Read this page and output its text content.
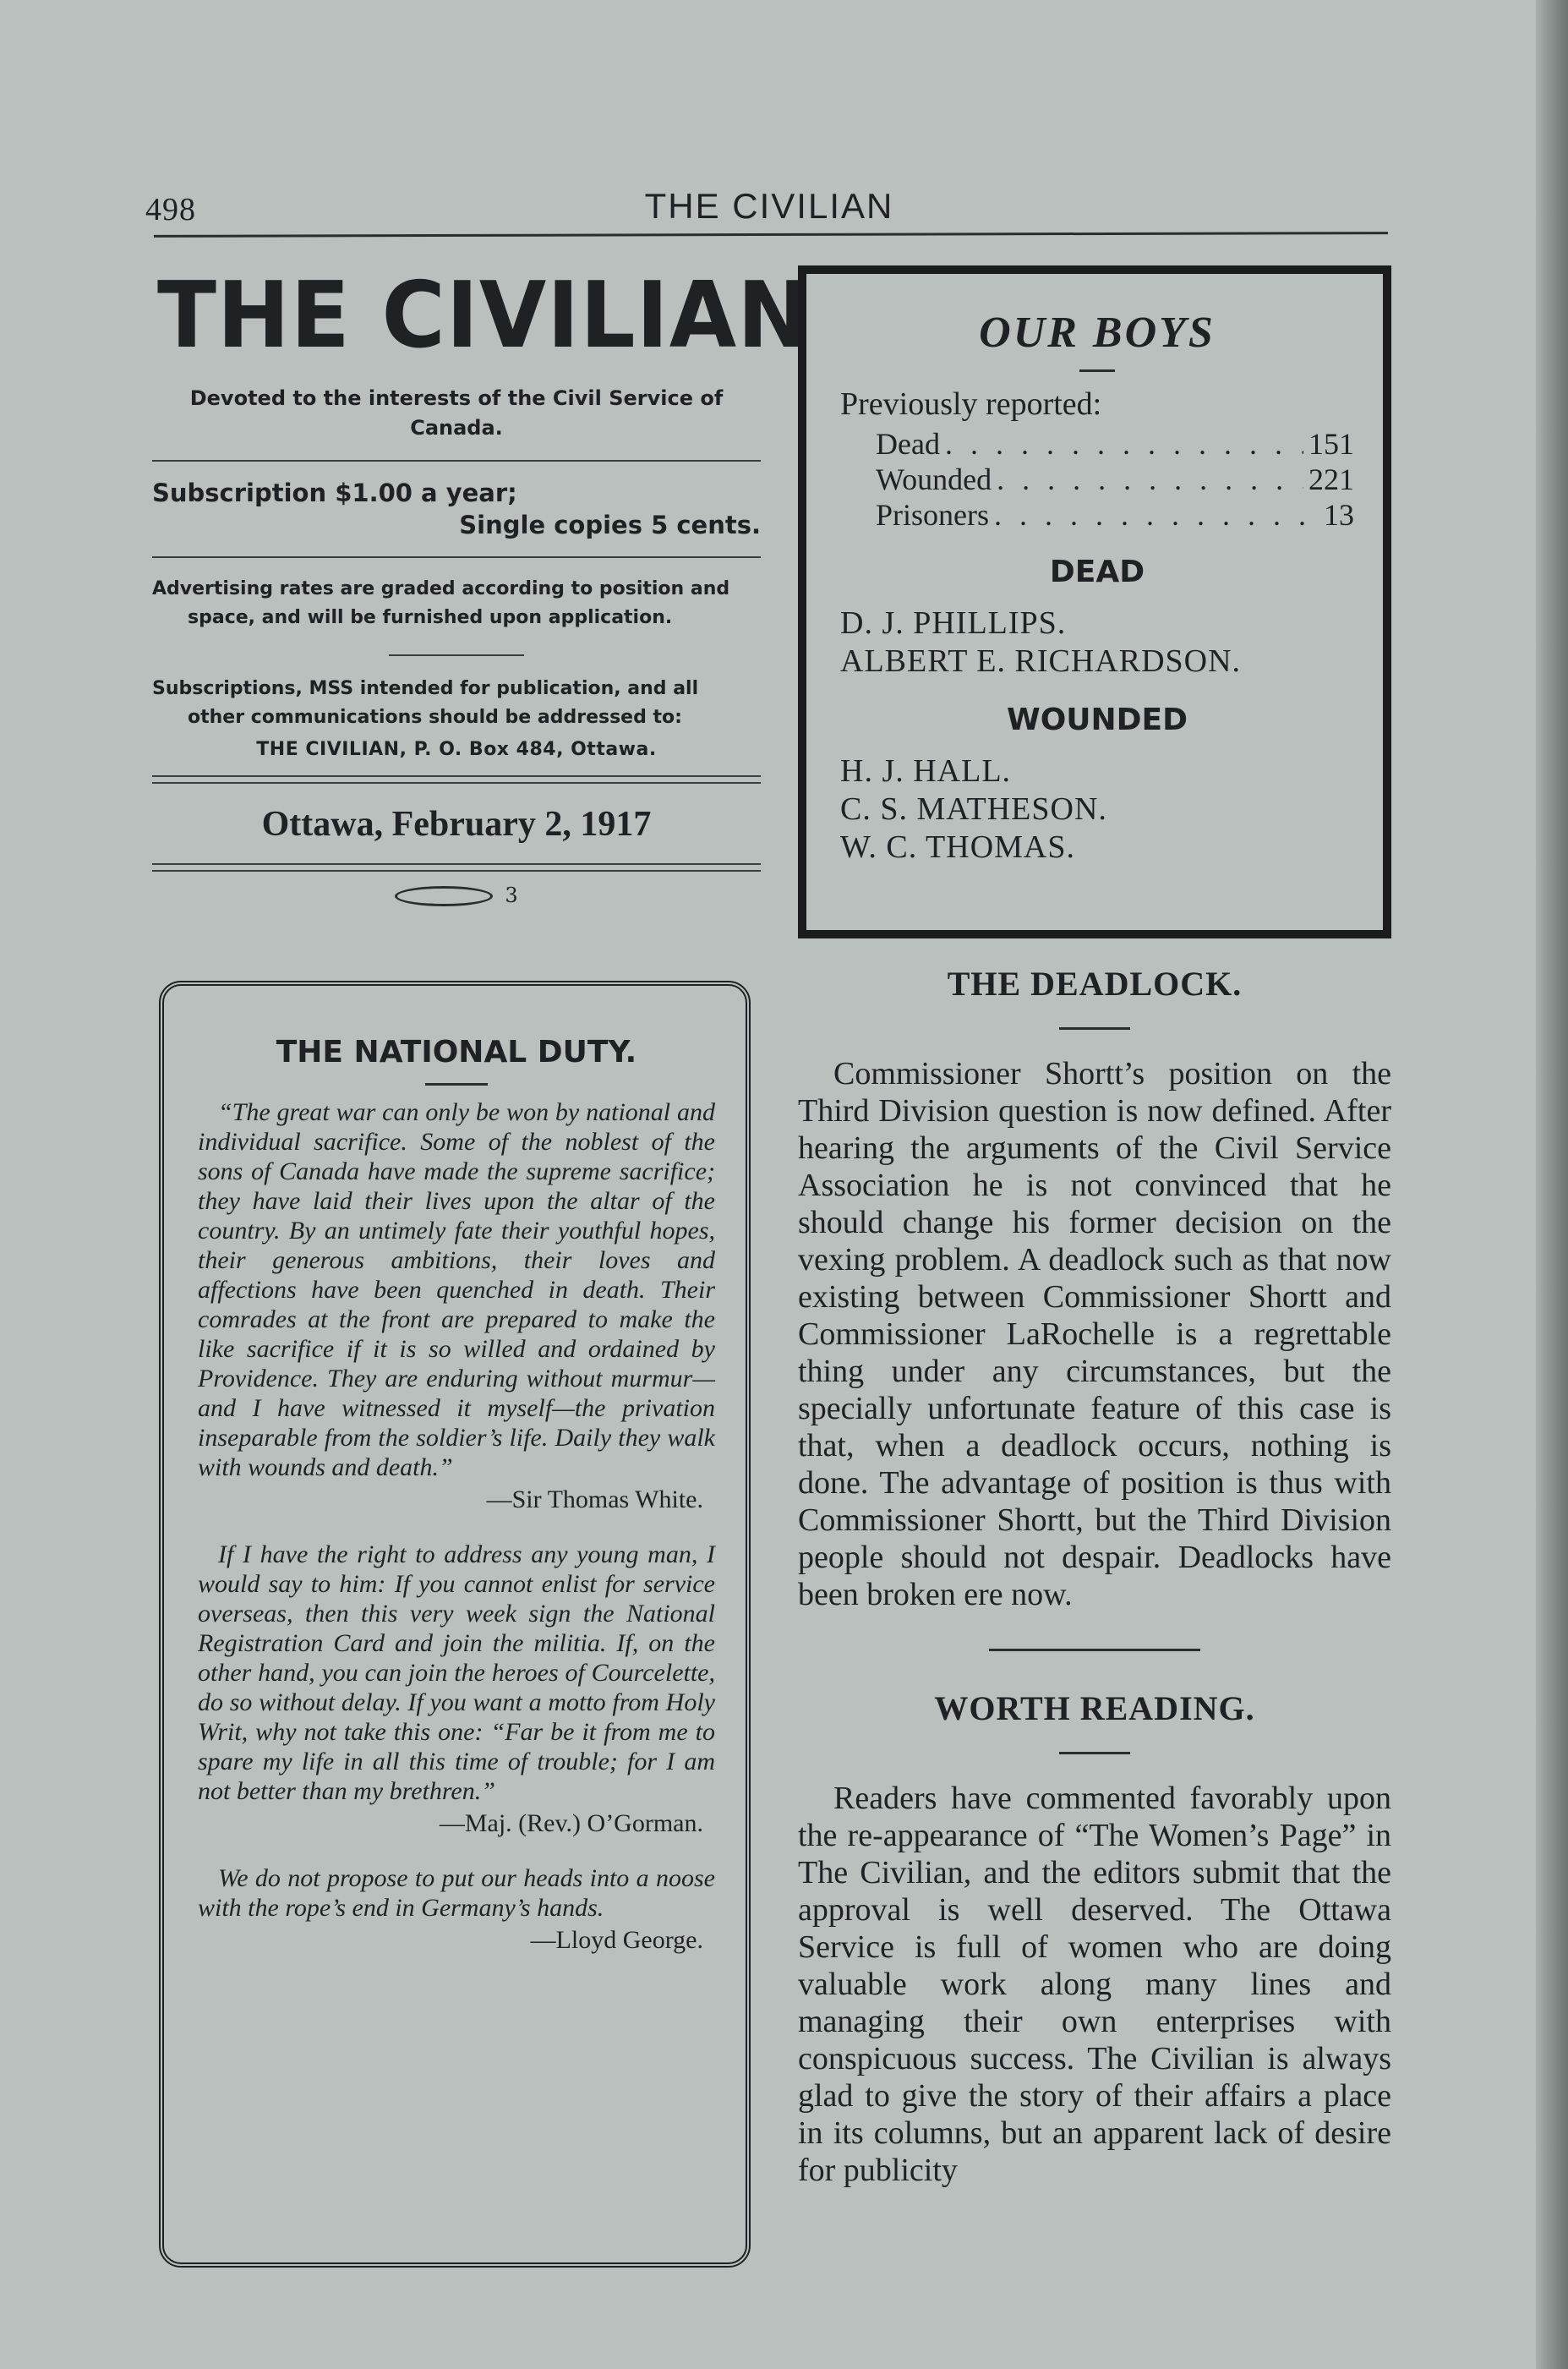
498	THE CIVILIAN
THE CIVILIAN

Devoted to the interests of the Civil Service of Canada.

Subscription $1.00 a year;

Single copies 5 cents.

Advertising rates are graded according to position and space, and will be furnished upon application.

Subscriptions, MSS intended for publication, and all other communications should be addressed to:

THE CIVILIAN, P. O. Box 484, Ottawa.

Ottawa, February 2, 1917

3
THE NATIONAL DUTY.

“The great war can only be won by national and individual sacrifice. Some of the noblest of the sons of Canada have made the supreme sacrifice; they have laid their lives upon the altar of the country. By an untimely fate their youthful hopes, their generous ambitions, their loves and affections have been quenched in death. Their comrades at the front are prepared to make the like sacrifice if it is so willed and ordained by Providence. They are enduring without murmur—and I have witnessed it myself—the privation inseparable from the soldier’s life. Daily they walk with wounds and death.”

—Sir Thomas White.

If I have the right to address any young man, I would say to him: If you cannot enlist for service overseas, then this very week sign the National Registration Card and join the militia. If, on the other hand, you can join the heroes of Courcelette, do so without delay. If you want a motto from Holy Writ, why not take this one: “Far be it from me to spare my life in all this time of trouble; for I am not better than my brethren.”

—Maj. (Rev.) O’Gorman.

We do not propose to put our heads into a noose with the rope’s end in Germany’s hands.

—Lloyd George.

OUR BOYS

Previously reported:

Dead . . .	151
Wounded . . .	221
Prisoners . . .	13
DEAD

D. J. PHILLIPS.

ALBERT E. RICHARDSON.

WOUNDED

H. J. HALL.

C. S. MATHESON.

W. C. THOMAS.

THE DEADLOCK.

Commissioner Shortt’s position on the Third Division question is now defined. After hearing the arguments of the Civil Service Association he is not convinced that he should change his former decision on the vexing problem. A deadlock such as that now existing between Commissioner Shortt and Commissioner LaRochelle is a regrettable thing under any circumstances, but the specially unfortunate feature of this case is that, when a deadlock occurs, nothing is done. The advantage of position is thus with Commissioner Shortt, but the Third Division people should not despair. Deadlocks have been broken ere now.

WORTH READING.

Readers have commented favorably upon the re-appearance of “The Women’s Page” in The Civilian, and the editors submit that the approval is well deserved. The Ottawa Service is full of women who are doing valuable work along many lines and managing their own enterprises with conspicuous success. The Civilian is always glad to give the story of their affairs a place in its columns, but an apparent lack of desire for publicity
